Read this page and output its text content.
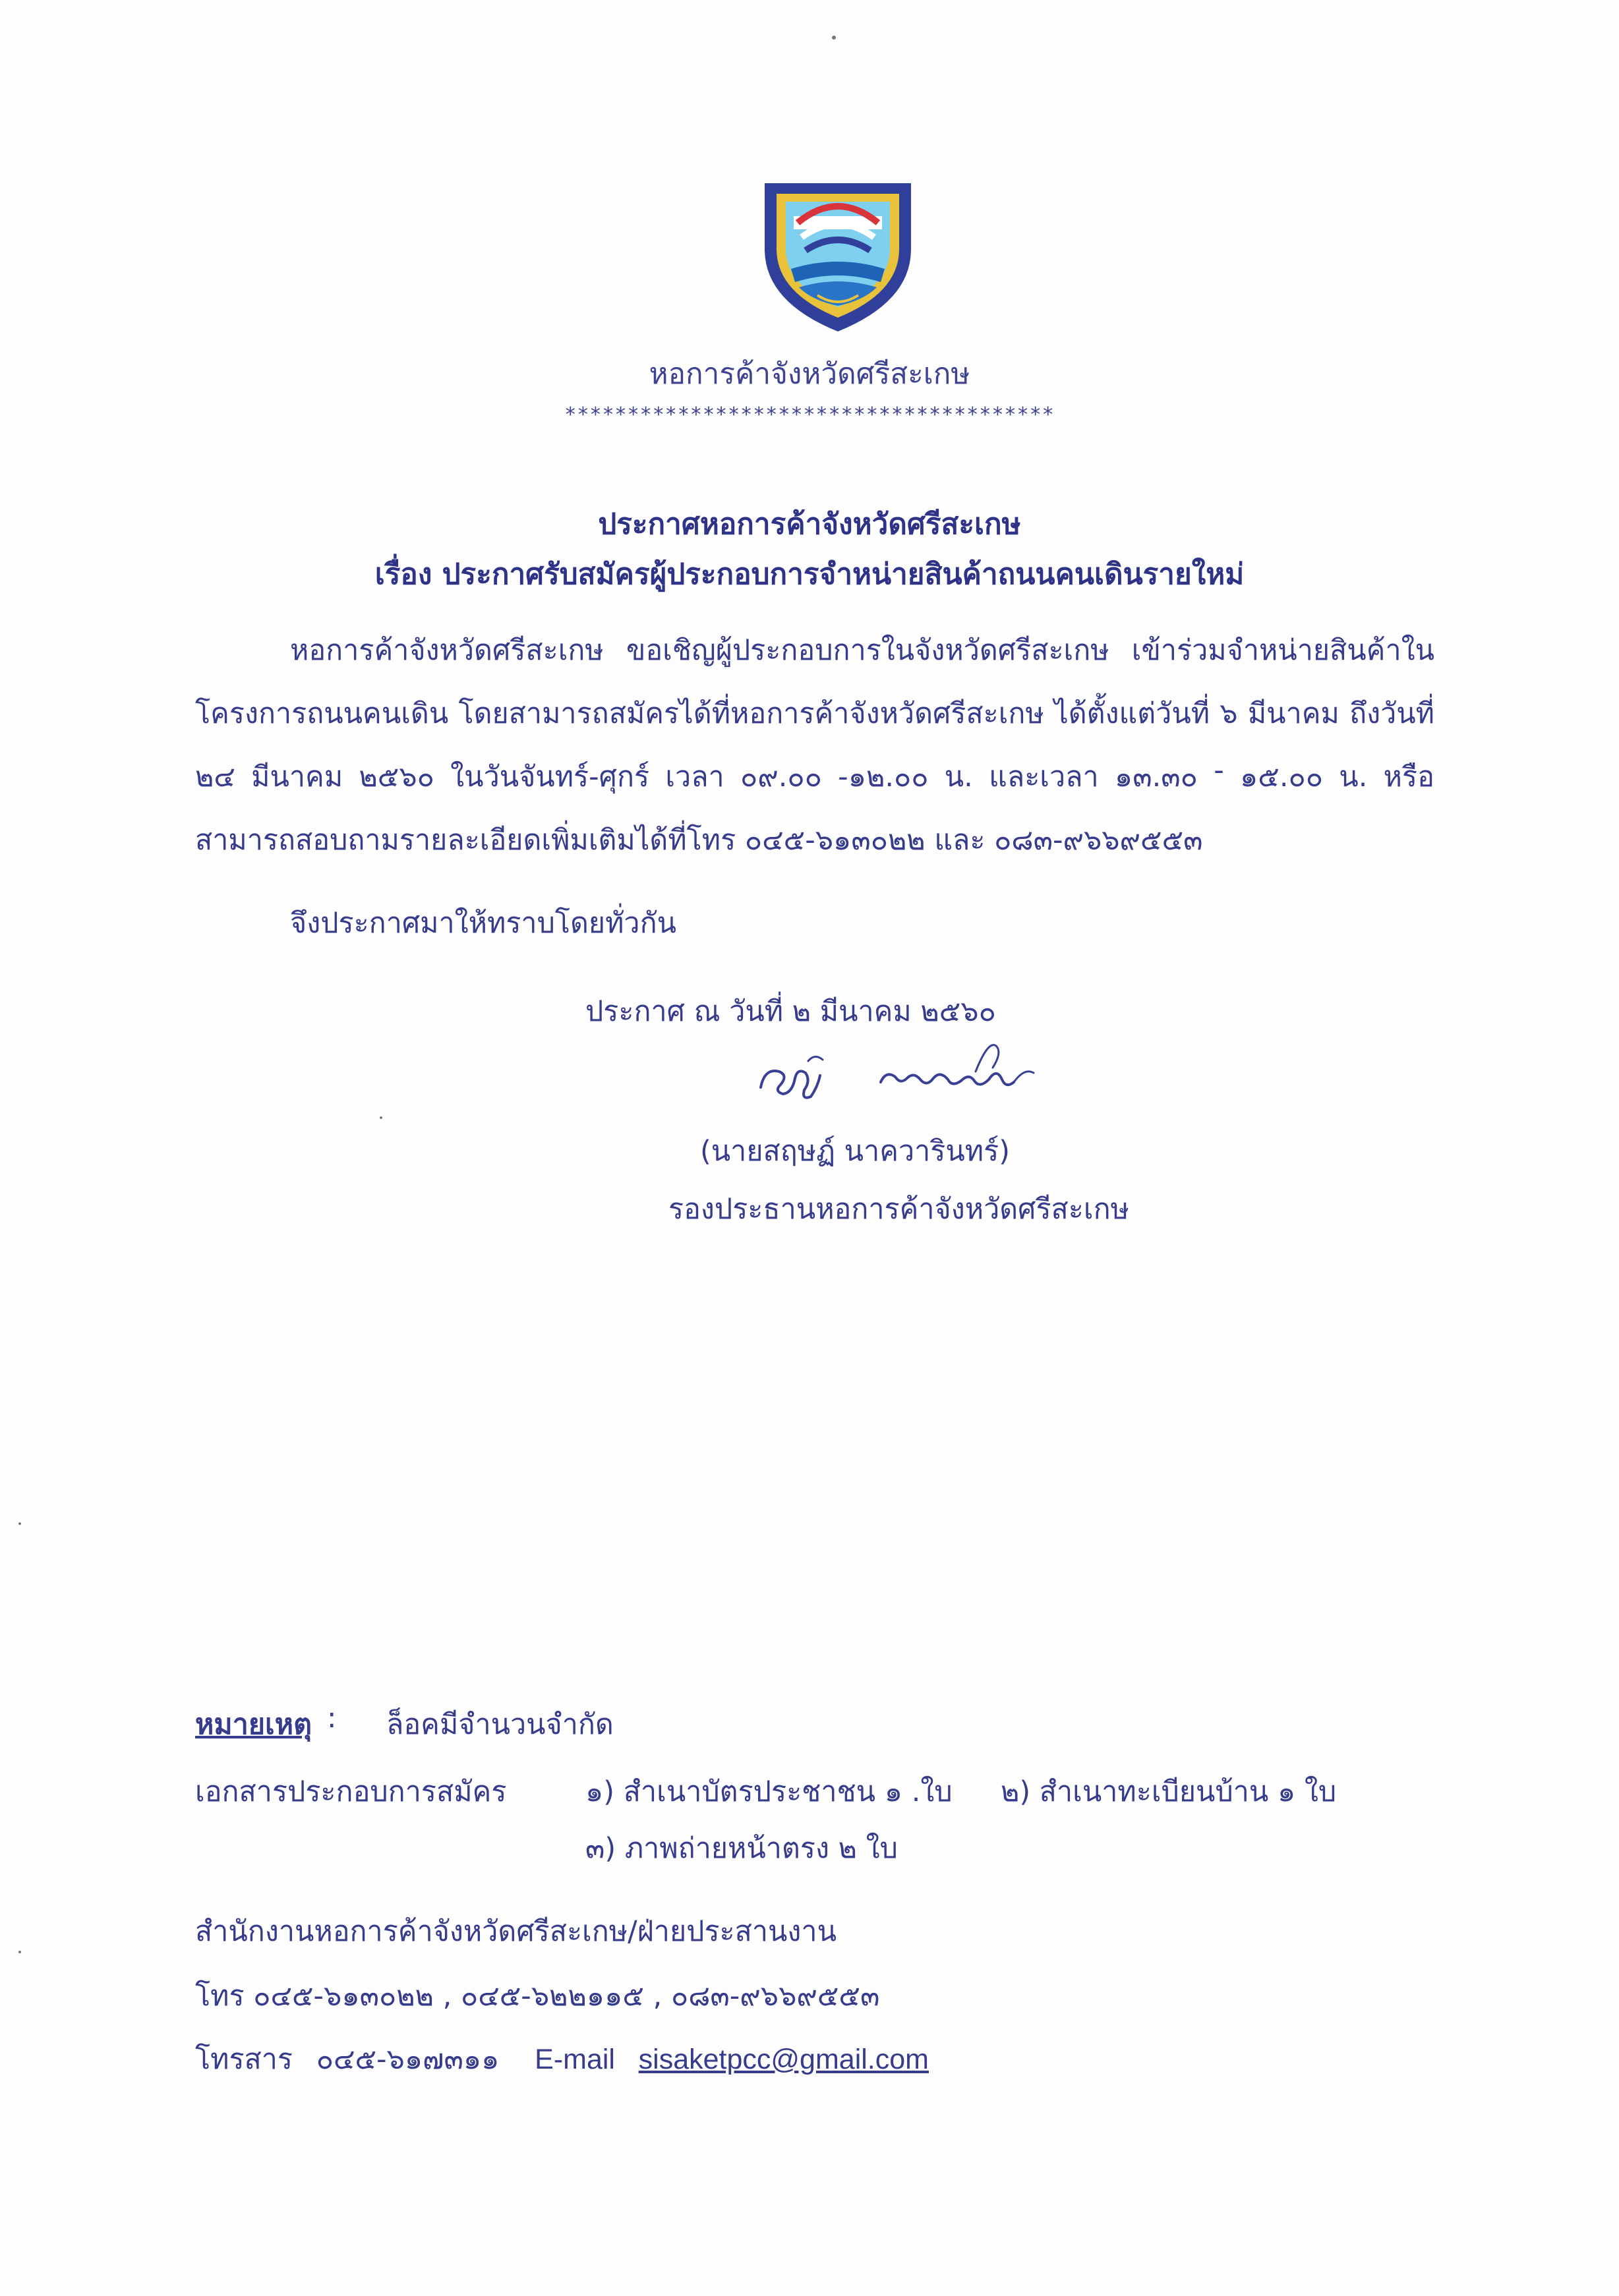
หอการค้าจังหวัดศรีสะเกษ
***************************************
ประกาศหอการค้าจังหวัดศรีสะเกษ
เรื่อง ประกาศรับสมัครผู้ประกอบการจำหน่ายสินค้าถนนคนเดินรายใหม่
หอการค้าจังหวัดศรีสะเกษ ขอเชิญผู้ประกอบการในจังหวัดศรีสะเกษ เข้าร่วมจำหน่ายสินค้าใน
โครงการถนนคนเดิน โดยสามารถสมัครได้ที่หอการค้าจังหวัดศรีสะเกษ ได้ตั้งแต่วันที่ ๖ มีนาคม ถึงวันที่
๒๔ มีนาคม ๒๕๖๐ ในวันจันทร์-ศุกร์ เวลา ๐๙.๐๐ -๑๒.๐๐ น. และเวลา ๑๓.๓๐ - ๑๕.๐๐ น. หรือ
สามารถสอบถามรายละเอียดเพิ่มเติมได้ที่โทร ๐๔๕-๖๑๓๐๒๒ และ ๐๘๓-๙๖๖๙๕๕๓
จึงประกาศมาให้ทราบโดยทั่วกัน
ประกาศ ณ วันที่ ๒ มีนาคม ๒๕๖๐
(นายสฤษฏ์ นาควารินทร์)
รองประธานหอการค้าจังหวัดศรีสะเกษ
หมายเหตุ : ล็อคมีจำนวนจำกัด
เอกสารประกอบการสมัคร	๑) สำเนาบัตรประชาชน ๑ .ใบ ๒) สำเนาทะเบียนบ้าน ๑ ใบ
๓) ภาพถ่ายหน้าตรง ๒ ใบ
สำนักงานหอการค้าจังหวัดศรีสะเกษ/ฝ่ายประสานงาน
โทร ๐๔๕-๖๑๓๐๒๒ , ๐๔๕-๖๒๒๑๑๕ , ๐๘๓-๙๖๖๙๕๕๓
โทรสาร ๐๔๕-๖๑๗๓๑๑ E-mail sisaketpcc@gmail.com
